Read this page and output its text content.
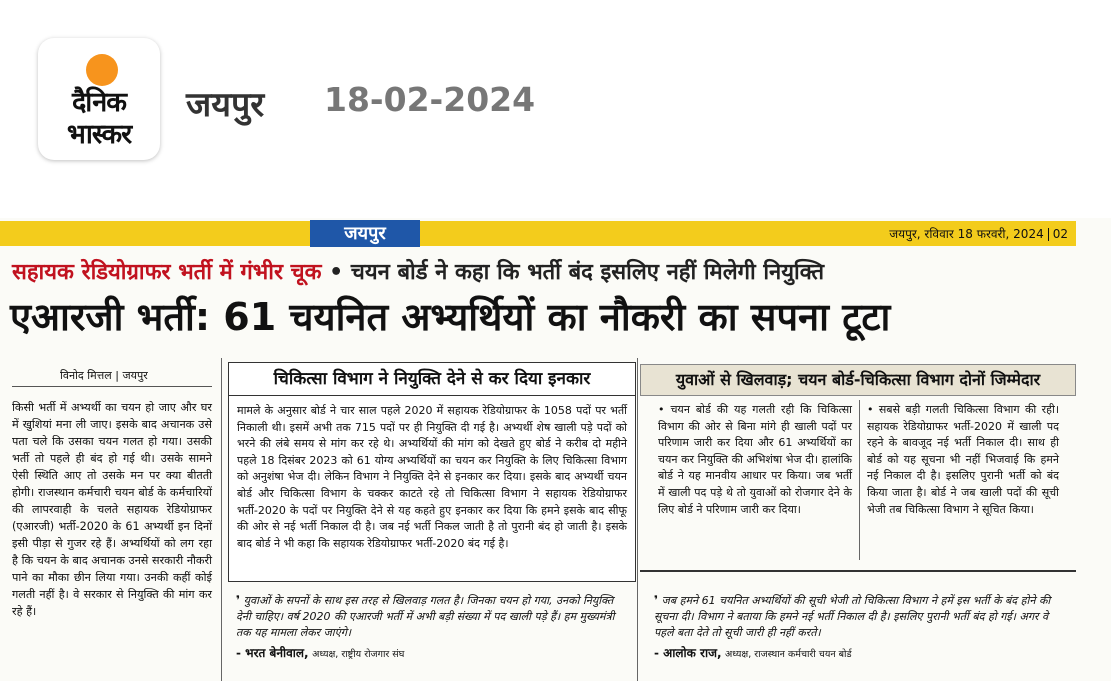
दैनिक
भास्कर
जयपुर 18-02-2024
जयपुर	जयपुर, रविवार 18 फरवरी, 2024 02
सहायक रेडियोग्राफर भर्ती में गंभीर चूक • चयन बोर्ड ने कहा कि भर्ती बंद इसलिए नहीं मिलेगी नियुक्ति
एआरजी भर्ती: 61 चयनित अभ्यर्थियों का नौकरी का सपना टूटा
विनोद मित्तल | जयपुर
किसी भर्ती में अभ्यर्थी का चयन हो जाए और घर में खुशियां मना ली जाए। इसके बाद अचानक उसे पता चले कि उसका चयन गलत हो गया। उसकी भर्ती तो पहले ही बंद हो गई थी। उसके सामने ऐसी स्थिति आए तो उसके मन पर क्या बीतती होगी। राजस्थान कर्मचारी चयन बोर्ड के कर्मचारियों की लापरवाही के चलते सहायक रेडियोग्राफर (एआरजी) भर्ती-2020 के 61 अभ्यर्थी इन दिनों इसी पीड़ा से गुजर रहे हैं। अभ्यर्थियों को लग रहा है कि चयन के बाद अचानक उनसे सरकारी नौकरी पाने का मौका छीन लिया गया। उनकी कहीं कोई गलती नहीं है। वे सरकार से नियुक्ति की मांग कर रहे हैं।
चिकित्सा विभाग ने नियुक्ति देने से कर दिया इनकार
मामले के अनुसार बोर्ड ने चार साल पहले 2020 में सहायक रेडियोग्राफर के 1058 पदों पर भर्ती निकाली थी। इसमें अभी तक 715 पदों पर ही नियुक्ति दी गई है। अभ्यर्थी शेष खाली पड़े पदों को भरने की लंबे समय से मांग कर रहे थे। अभ्यर्थियों की मांग को देखते हुए बोर्ड ने करीब दो महीने पहले 18 दिसंबर 2023 को 61 योग्य अभ्यर्थियों का चयन कर नियुक्ति के लिए चिकित्सा विभाग को अनुशंषा भेज दी। लेकिन विभाग ने नियुक्ति देने से इनकार कर दिया। इसके बाद अभ्यर्थी चयन बोर्ड और चिकित्सा विभाग के चक्कर काटते रहे तो चिकित्सा विभाग ने सहायक रेडियोग्राफर भर्ती-2020 के पदों पर नियुक्ति देने से यह कहते हुए इनकार कर दिया कि हमने इसके बाद सीफू की ओर से नई भर्ती निकाल दी है। जब नई भर्ती निकल जाती है तो पुरानी बंद हो जाती है। इसके बाद बोर्ड ने भी कहा कि सहायक रेडियोग्राफर भर्ती-2020 बंद गई है।
❜ युवाओं के सपनों के साथ इस तरह से खिलवाड़ गलत है। जिनका चयन हो गया, उनको नियुक्ति देनी चाहिए। वर्ष 2020 की एआरजी भर्ती में अभी बड़ी संख्या में पद खाली पड़े हैं। हम मुख्यमंत्री तक यह मामला लेकर जाएंगे।
- भरत बेनीवाल, अध्यक्ष, राष्ट्रीय रोजगार संघ
युवाओं से खिलवाड़; चयन बोर्ड-चिकित्सा विभाग दोनों जिम्मेदार
• चयन बोर्ड की यह गलती रही कि चिकित्सा विभाग की ओर से बिना मांगे ही खाली पदों पर परिणाम जारी कर दिया और 61 अभ्यर्थियों का चयन कर नियुक्ति की अभिशंषा भेज दी। हालांकि बोर्ड ने यह मानवीय आधार पर किया। जब भर्ती में खाली पद पड़े थे तो युवाओं को रोजगार देने के लिए बोर्ड ने परिणाम जारी कर दिया।
• सबसे बड़ी गलती चिकित्सा विभाग की रही। सहायक रेडियोग्राफर भर्ती-2020 में खाली पद रहने के बावजूद नई भर्ती निकाल दी। साथ ही बोर्ड को यह सूचना भी नहीं भिजवाई कि हमने नई निकाल दी है। इसलिए पुरानी भर्ती को बंद किया जाता है। बोर्ड ने जब खाली पदों की सूची भेजी तब चिकित्सा विभाग ने सूचित किया।
❜ जब हमने 61 चयनित अभ्यर्थियों की सूची भेजी तो चिकित्सा विभाग ने हमें इस भर्ती के बंद होने की सूचना दी। विभाग ने बताया कि हमने नई भर्ती निकाल दी है। इसलिए पुरानी भर्ती बंद हो गई। अगर वे पहले बता देते तो सूची जारी ही नहीं करते।
- आलोक राज, अध्यक्ष, राजस्थान कर्मचारी चयन बोर्ड
